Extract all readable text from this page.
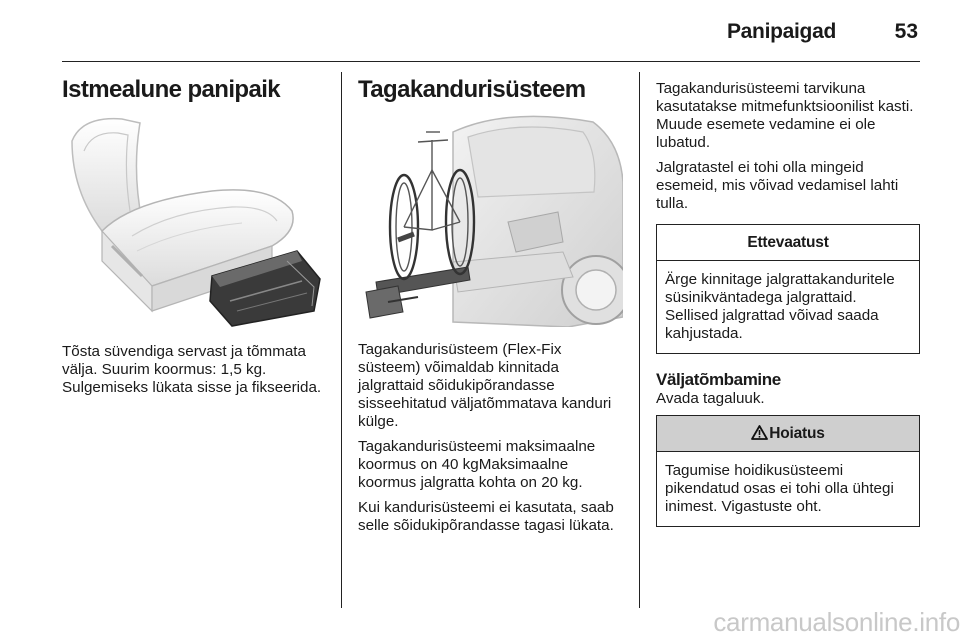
Panipaigad	53
Istmealune panipaik

Tõsta süvendiga servast ja tõmmata välja. Suurim koormus: 1,5 kg. Sulgemiseks lükata sisse ja fikseerida.

Tagakandurisüsteem

Tagakandurisüsteem (Flex-Fix süsteem) võimaldab kinnitada jalgrattaid sõidukipõrandasse sisseehitatud väljatõmmatava kanduri külge.

Tagakandurisüsteemi maksimaalne koormus on 40 kgMaksimaalne koormus jalgratta kohta on 20 kg.

Kui kandurisüsteemi ei kasutata, saab selle sõidukipõrandasse tagasi lükata.

Tagakandurisüsteemi tarvikuna kasutatakse mitmefunktsioonilist kasti. Muude esemete vedamine ei ole lubatud.

Jalgratastel ei tohi olla mingeid esemeid, mis võivad vedamisel lahti tulla.

Ettevaatust
Ärge kinnitage jalgrattakanduritele süsinikväntadega jalgrattaid. Sellised jalgrattad võivad saada kahjustada.
Väljatõmbamine

Avada tagaluuk.

Hoiatus
Tagumise hoidikusüsteemi pikendatud osas ei tohi olla ühtegi inimest. Vigastuste oht.
carmanualsonline.info
